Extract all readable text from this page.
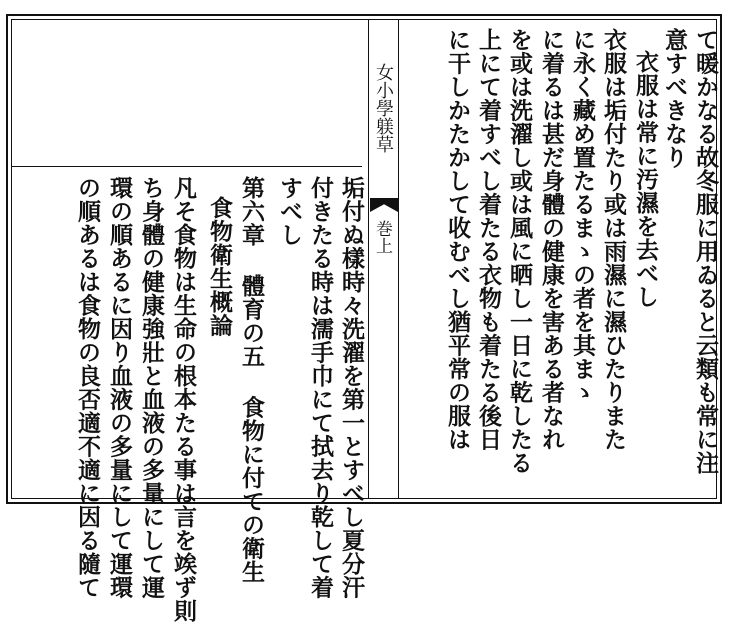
女小學躾草
巻上	て暖かなる故冬服に用ゐると云類も常に注
意すべきなり
衣服は常に汚濕を去べし
衣服は垢付たり或は雨濕に濕ひたりまた
に永く藏め置たるまゝの者を其まゝ
に着るは甚だ身體の健康を害ある者なれ
を或は洗濯し或は風に晒し一日に乾したる
上にて着すべし着たる衣物も着たる後日
に干しかたかして收むべし猶平常の服は
垢付ぬ樣時々洗濯を第一とすべし夏分汗
付きたる時は濡手巾にて拭去り乾して着
すべし
第六章 體育の五 食物に付ての衛生
食物衛生概論
凡そ食物は生命の根本たる事は言を竢ず則
ち身體の健康強壯と血液の多量にして運
環の順あるに因り血液の多量にして運環
の順あるは食物の良否適不適に因る隨て
